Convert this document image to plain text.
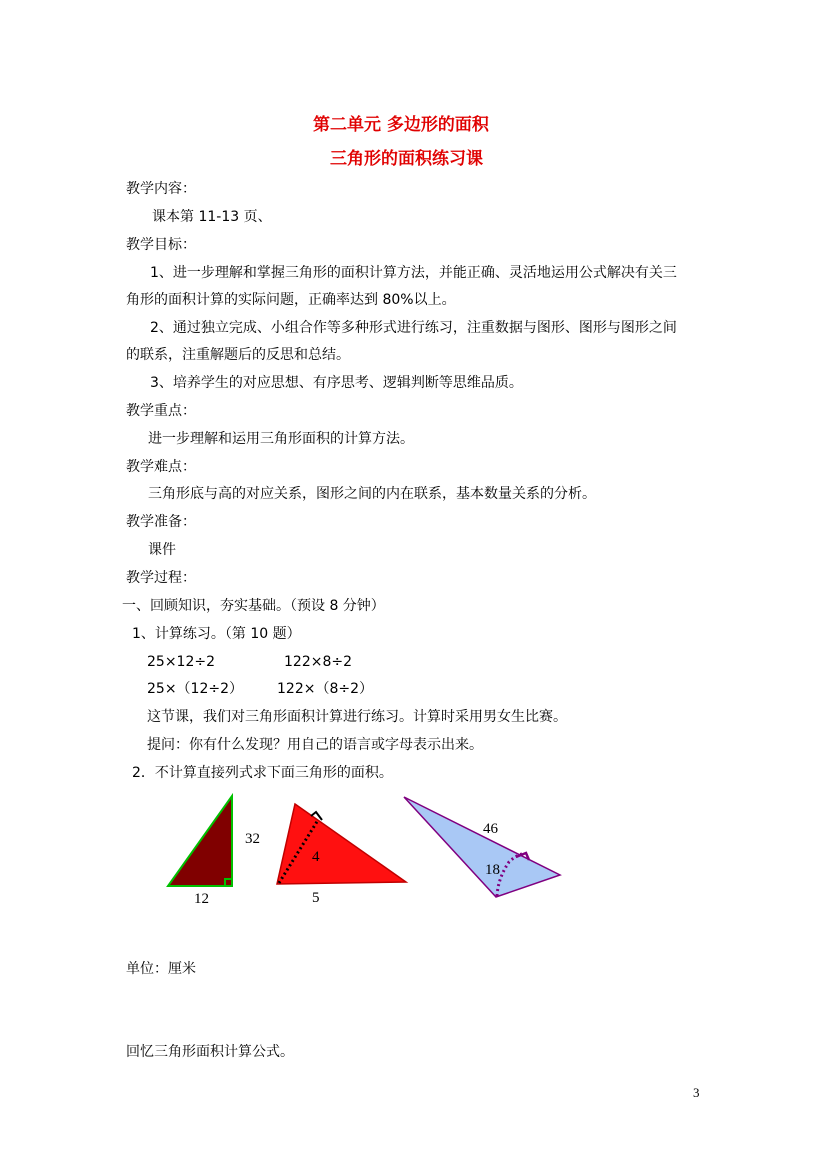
第二单元 多边形的面积
三角形的面积练习课
教学内容：
课本第 11-13 页、
教学目标：
1、进一步理解和掌握三角形的面积计算方法，并能正确、灵活地运用公式解决有关三
角形的面积计算的实际问题，正确率达到 80%以上。
2、通过独立完成、小组合作等多种形式进行练习，注重数据与图形、图形与图形之间
的联系，注重解题后的反思和总结。
3、培养学生的对应思想、有序思考、逻辑判断等思维品质。
教学重点：
进一步理解和运用三角形面积的计算方法。
教学难点：
三角形底与高的对应关系，图形之间的内在联系，基本数量关系的分析。
教学准备：
课件
教学过程：
一、回顾知识，夯实基础。（预设 8 分钟）
1、计算练习。（第 10 题）
25×12÷2	122×8÷2
25×（12÷2） 122×（8÷2）
这节课，我们对三角形面积计算进行练习。计算时采用男女生比赛。
提问：你有什么发现？用自己的语言或字母表示出来。
2．不计算直接列式求下面三角形的面积。
32
12
4
5
46
18
单位：厘米
回忆三角形面积计算公式。
3
